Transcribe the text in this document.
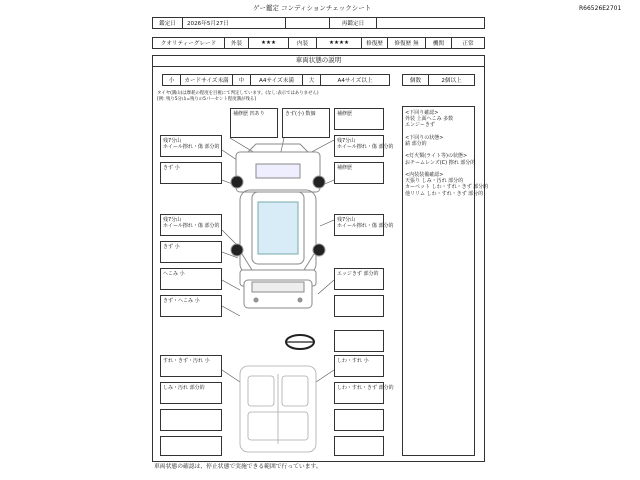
ゲー鑑定 コンディションチェックシート	R66526E2701
鑑定日	2026年5月27日	再鑑定日
クオリティーグレード	外装	★★★	内装	★★★★	修復歴	修復歴 無	機関	正常
車両状態の説明
小	カードサイズ未満	中	A4サイズ未満	大	A4サイズ以上	個数	2個以上
タイヤ(溝山)は摩耗の程度を目視にて判定しています。(なし:表示ではありません)
[例: 残り5分山=残りの5パーセント程度溝が残る]
<下回り確認>
外装 上面へこみ 多数
エンジーきず

<下回りの状態>
錆 部分的

<灯火類(ライト等)の状態>
おチームレンズ(C) 擦れ 部分的

<内装装備確認>
天張り しみ・汚れ 部分的
カーペット しわ・すれ・きず 部分的
他リリム しわ・すれ・きず 部分的
補修歴 凹あり	きず(小) 数個	補修歴
残7分山
ホイール擦れ・傷 部分的
残7分山
ホイール擦れ・傷
きず 小	補修歴
残7分山
ホイール擦れ・傷 部分的
残7分山
ホイール擦れ・傷
きず 小
へこみ 小	エッジきず 部分的
きず・へこみ 小
すれ・きず・汚れ 小	しわ・すれ 小
しみ・汚れ 部分的	しわ・すれ・きず 部分的
車両状態の確認は、停止状態で実施できる範囲で行っています。
